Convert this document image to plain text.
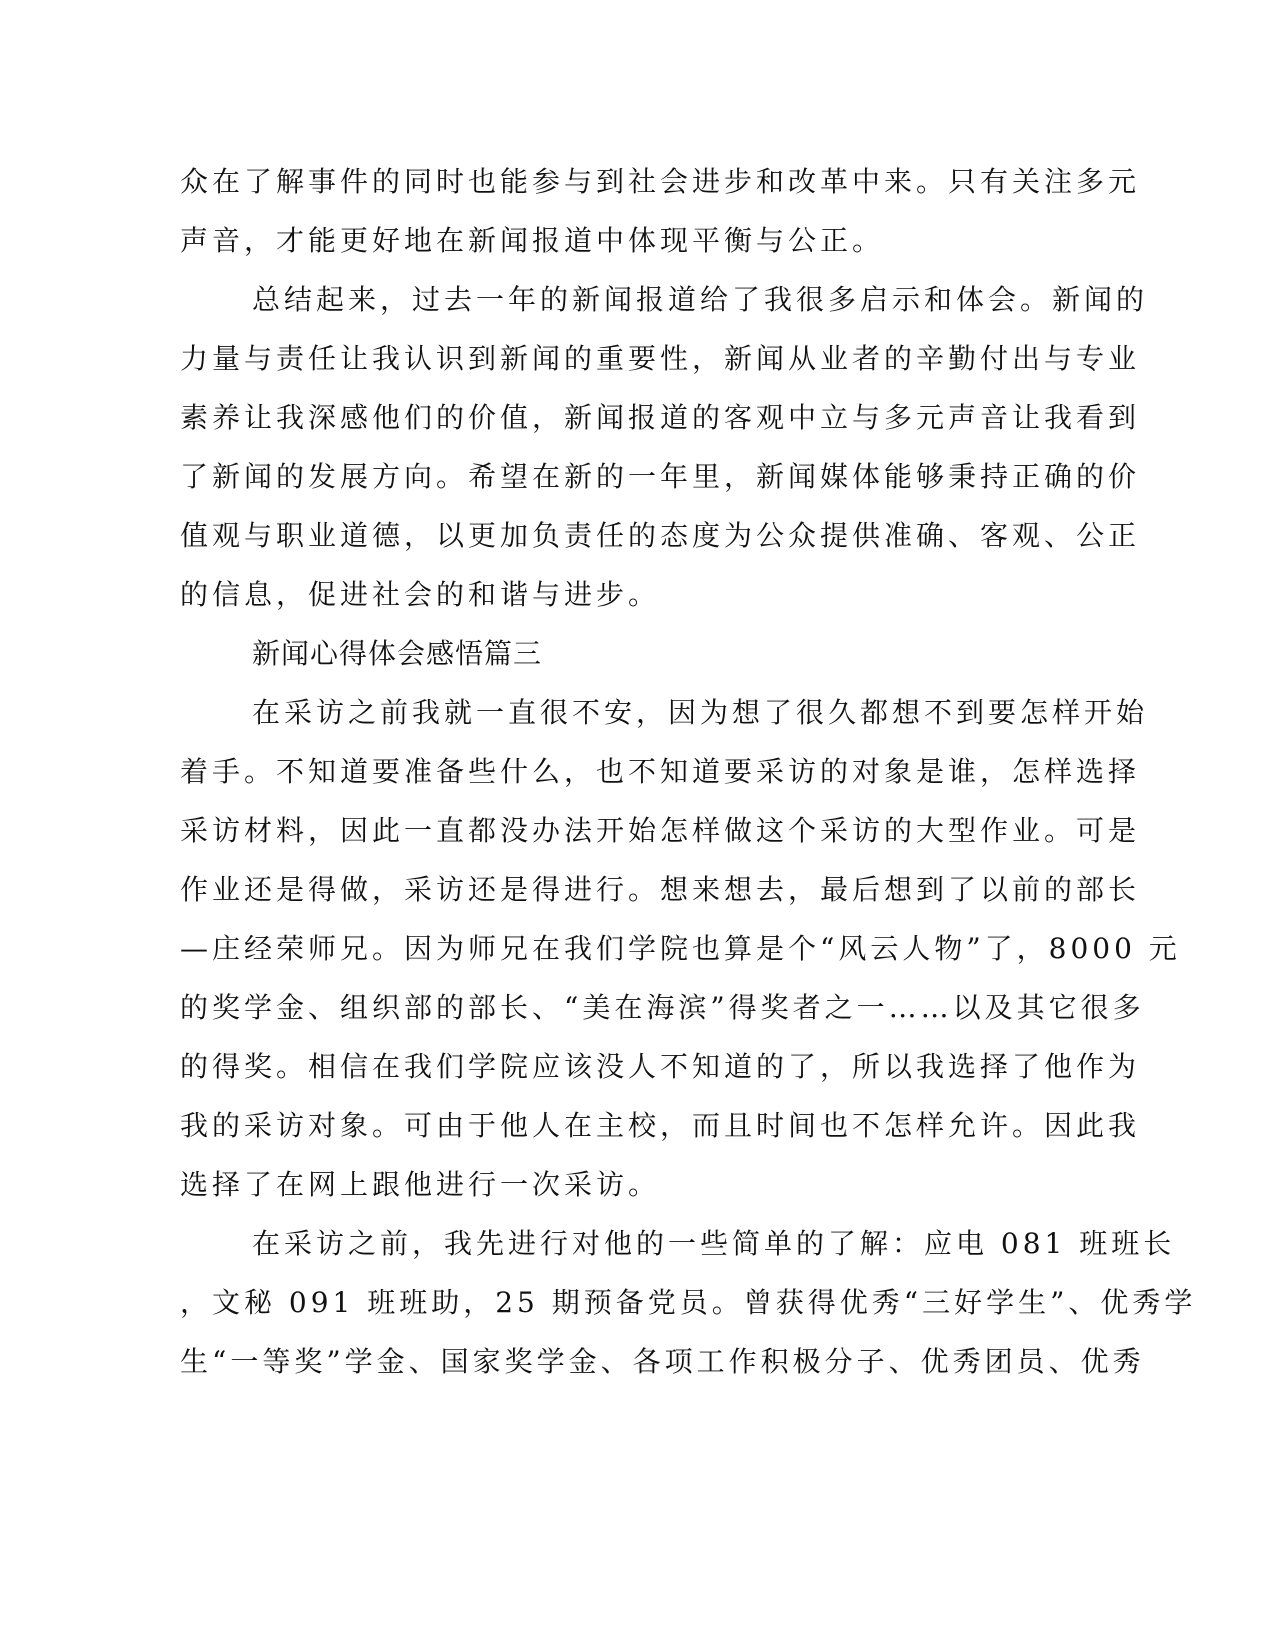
众在了解事件的同时也能参与到社会进步和改革中来。只有关注多元
声音，才能更好地在新闻报道中体现平衡与公正。
总结起来，过去一年的新闻报道给了我很多启示和体会。新闻的
力量与责任让我认识到新闻的重要性，新闻从业者的辛勤付出与专业
素养让我深感他们的价值，新闻报道的客观中立与多元声音让我看到
了新闻的发展方向。希望在新的一年里，新闻媒体能够秉持正确的价
值观与职业道德，以更加负责任的态度为公众提供准确、客观、公正
的信息，促进社会的和谐与进步。
新闻心得体会感悟篇三
在采访之前我就一直很不安，因为想了很久都想不到要怎样开始
着手。不知道要准备些什么，也不知道要采访的对象是谁，怎样选择
采访材料，因此一直都没办法开始怎样做这个采访的大型作业。可是
作业还是得做，采访还是得进行。想来想去，最后想到了以前的部长
—庄经荣师兄。因为师兄在我们学院也算是个“风云人物”了，8000 元
的奖学金、组织部的部长、“美在海滨”得奖者之一……以及其它很多
的得奖。相信在我们学院应该没人不知道的了，所以我选择了他作为
我的采访对象。可由于他人在主校，而且时间也不怎样允许。因此我
选择了在网上跟他进行一次采访。
在采访之前，我先进行对他的一些简单的了解：应电 081 班班长
，文秘 091 班班助，25 期预备党员。曾获得优秀“三好学生”、优秀学
生“一等奖”学金、国家奖学金、各项工作积极分子、优秀团员、优秀
